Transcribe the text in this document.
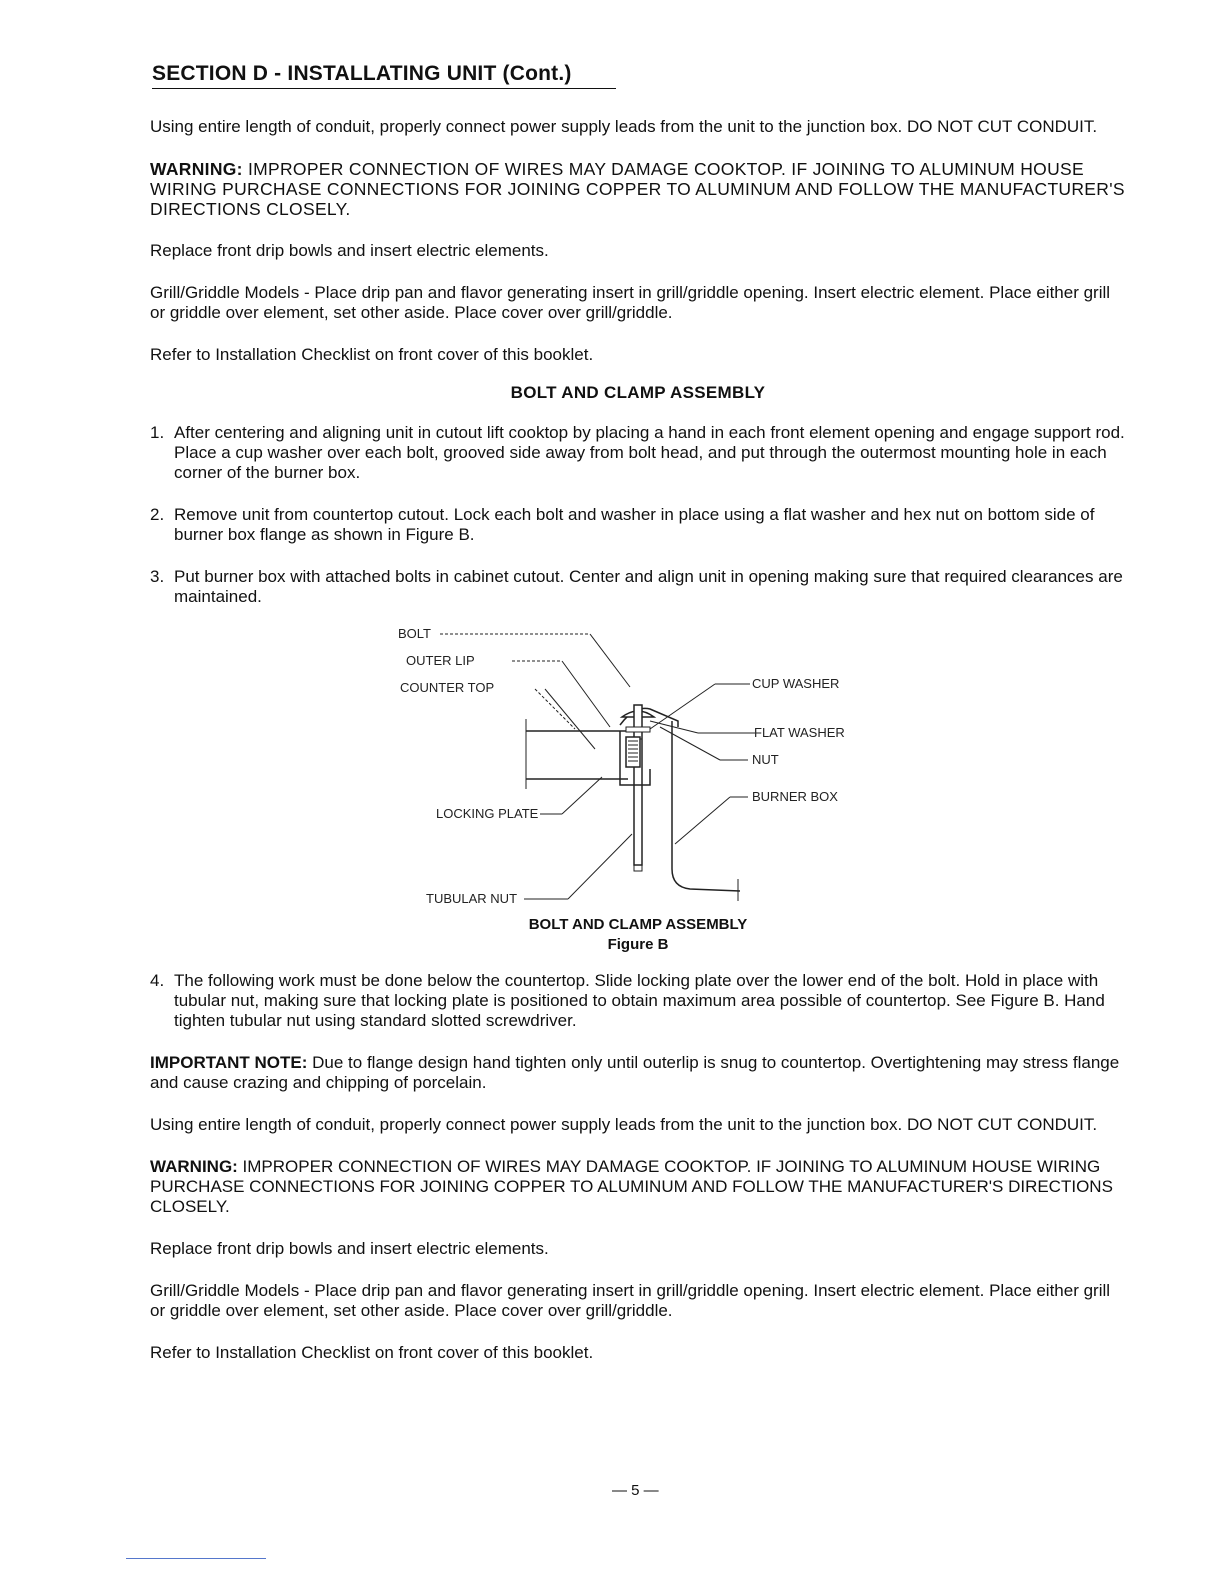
SECTION D - INSTALLATING UNIT (Cont.)

Using entire length of conduit, properly connect power supply leads from the unit to the junction box. DO NOT CUT CONDUIT.

WARNING: IMPROPER CONNECTION OF WIRES MAY DAMAGE COOKTOP. IF JOINING TO ALUMINUM HOUSE WIRING PURCHASE CONNECTIONS FOR JOINING COPPER TO ALUMINUM AND FOLLOW THE MANUFACTURER'S DIRECTIONS CLOSELY.

Replace front drip bowls and insert electric elements.

Grill/Griddle Models - Place drip pan and flavor generating insert in grill/griddle opening. Insert electric element. Place either grill or griddle over element, set other aside. Place cover over grill/griddle.

Refer to Installation Checklist on front cover of this booklet.

BOLT AND CLAMP ASSEMBLY
1. After centering and aligning unit in cutout lift cooktop by placing a hand in each front element opening and engage support rod. Place a cup washer over each bolt, grooved side away from bolt head, and put through the outermost mounting hole in each corner of the burner box.
2. Remove unit from countertop cutout. Lock each bolt and washer in place using a flat washer and hex nut on bottom side of burner box flange as shown in Figure B.
3. Put burner box with attached bolts in cabinet cutout. Center and align unit in opening making sure that required clearances are maintained.
BOLT
OUTER LIP
COUNTER TOP	CUP WASHER
FLAT WASHER
NUT
BURNER BOX
LOCKING PLATE
TUBULAR NUT
BOLT AND CLAMP ASSEMBLY
Figure B
4. The following work must be done below the countertop. Slide locking plate over the lower end of the bolt. Hold in place with tubular nut, making sure that locking plate is positioned to obtain maximum area possible of countertop. See Figure B. Hand tighten tubular nut using standard slotted screwdriver.

IMPORTANT NOTE: Due to flange design hand tighten only until outerlip is snug to countertop. Overtightening may stress flange and cause crazing and chipping of porcelain.

Using entire length of conduit, properly connect power supply leads from the unit to the junction box. DO NOT CUT CONDUIT.

WARNING: IMPROPER CONNECTION OF WIRES MAY DAMAGE COOKTOP. IF JOINING TO ALUMINUM HOUSE WIRING PURCHASE CONNECTIONS FOR JOINING COPPER TO ALUMINUM AND FOLLOW THE MANUFACTURER'S DIRECTIONS CLOSELY.

Replace front drip bowls and insert electric elements.

Grill/Griddle Models - Place drip pan and flavor generating insert in grill/griddle opening. Insert electric element. Place either grill or griddle over element, set other aside. Place cover over grill/griddle.

Refer to Installation Checklist on front cover of this booklet.

— 5 —
